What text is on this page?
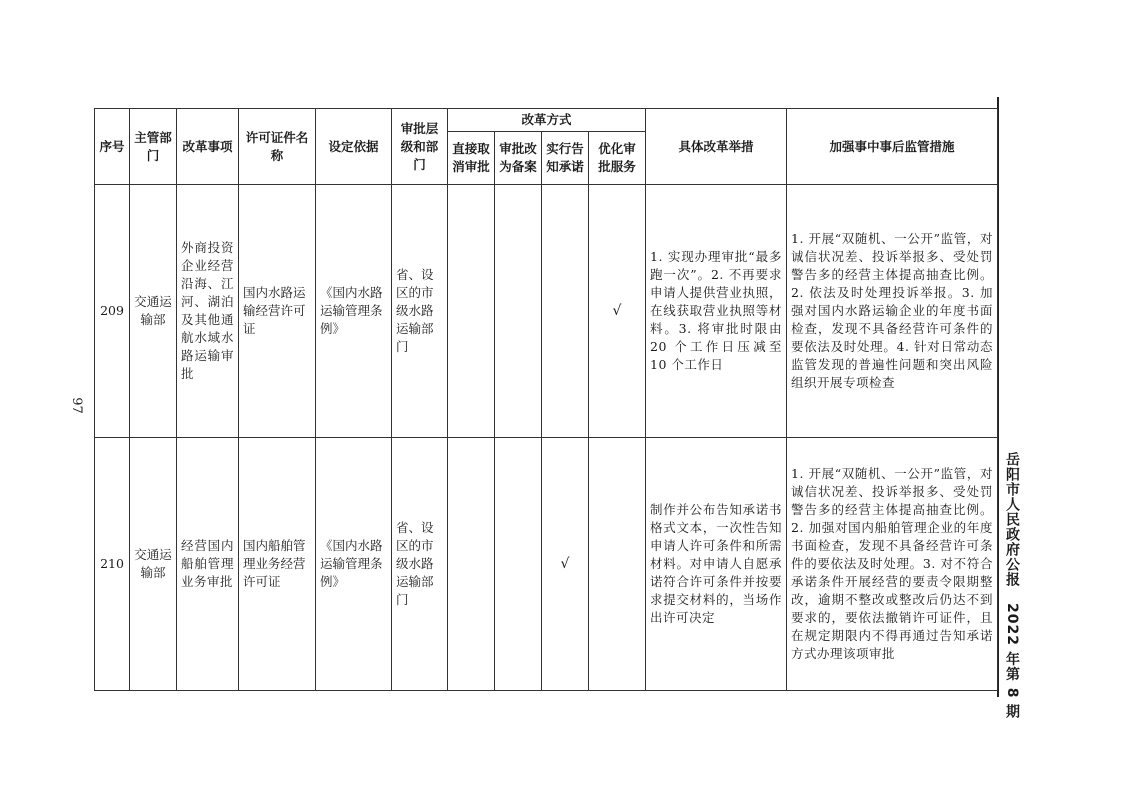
97
岳阳市人民政府公报 2022 年第 8 期
序号	主管部门	改革事项	许可证件名称	设定依据	审批层级和部门	改革方式				具体改革举措	加强事中事后监管措施
						直接取消审批	审批改为备案	实行告知承诺	优化审批服务		
209	交通运输部	外商投资企业经营沿海、江河、湖泊及其他通航水域水路运输审批	国内水路运输经营许可证	《国内水路运输管理条例》	省、设区的市级水路运输部门				√	1. 实现办理审批“最多跑一次”。2. 不再要求申请人提供营业执照，在线获取营业执照等材料。3. 将审批时限由 20 个工作日压减至 10 个工作日	1. 开展“双随机、一公开”监管，对诚信状况差、投诉举报多、受处罚警告多的经营主体提高抽查比例。2. 依法及时处理投诉举报。3. 加强对国内水路运输企业的年度书面检查，发现不具备经营许可条件的要依法及时处理。4. 针对日常动态监管发现的普遍性问题和突出风险组织开展专项检查
210	交通运输部	经营国内船舶管理业务审批	国内船舶管理业务经营许可证	《国内水路运输管理条例》	省、设区的市级水路运输部门			√		制作并公布告知承诺书格式文本，一次性告知申请人许可条件和所需材料。对申请人自愿承诺符合许可条件并按要求提交材料的，当场作出许可决定	1. 开展“双随机、一公开”监管，对诚信状况差、投诉举报多、受处罚警告多的经营主体提高抽查比例。2. 加强对国内船舶管理企业的年度书面检查，发现不具备经营许可条件的要依法及时处理。3. 对不符合承诺条件开展经营的要责令限期整改，逾期不整改或整改后仍达不到要求的，要依法撤销许可证件，且在规定期限内不得再通过告知承诺方式办理该项审批
